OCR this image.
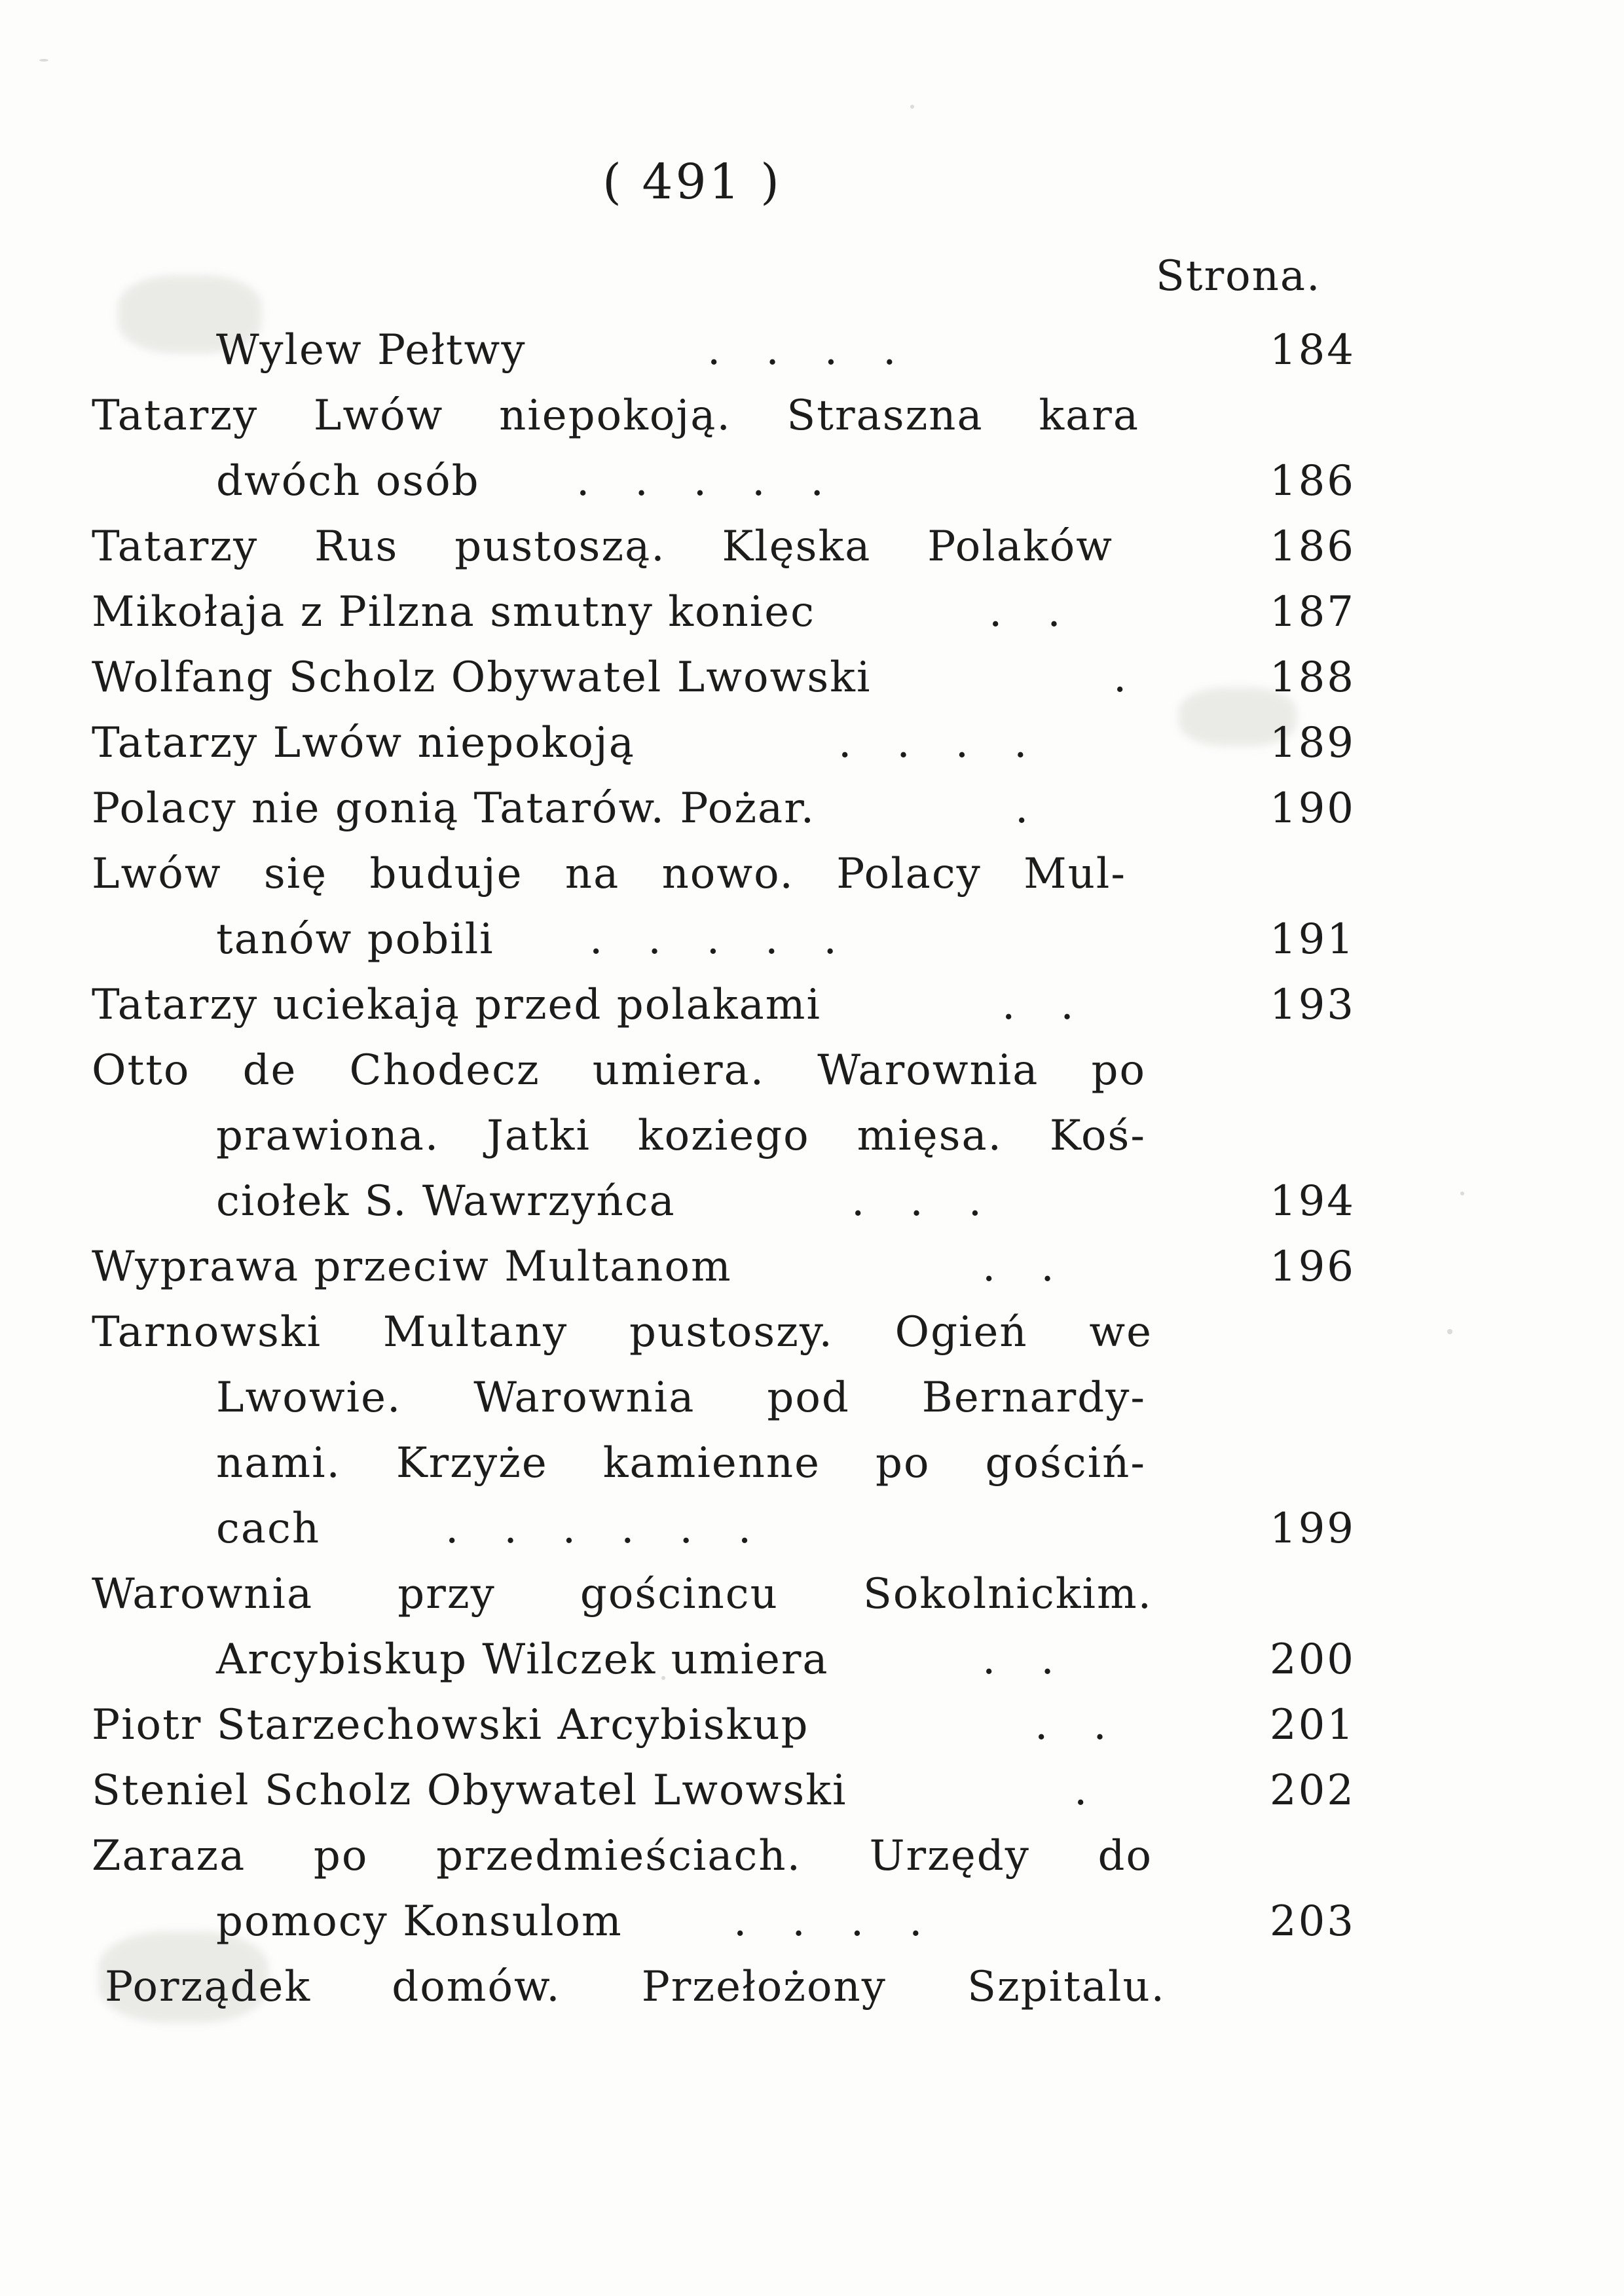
( 491 )
Strona.
Wylew Pełtwy	.   .   .   .	184
Tatarzy Lwów niepokoją. Straszna kara
dwóch osób .   .   .   .   .	186
Tatarzy Rus pustoszą. Klęska Polaków	186
Mikołaja z Pilzna smutny koniec	.   .	187
Wolfang Scholz Obywatel Lwowski	.	188
Tatarzy Lwów niepokoją	.   .   .   .	189
Polacy nie gonią Tatarów. Pożar.	.	190
Lwów się buduje na nowo. Polacy Mul-
tanów pobili .   .   .   .   .	191
Tatarzy uciekają przed polakami	.   .	193
Otto de Chodecz umiera. Warownia po
prawiona. Jatki koziego mięsa. Koś-
ciołek S. Wawrzyńca	.   .   .	194
Wyprawa przeciw Multanom	.   .	196
Tarnowski Multany pustoszy. Ogień we
Lwowie. Warownia pod Bernardy-
nami. Krzyże kamienne po gościń-
cach	.   .   .   .   .   .	199
Warownia przy gościncu Sokolnickim.
Arcybiskup Wilczek umiera	.   .	200
Piotr Starzechowski Arcybiskup	.   .	201
Steniel Scholz Obywatel Lwowski	.	202
Zaraza po przedmieściach. Urzędy do
pomocy Konsulom	.   .   .   .	203
Porządek domów. Przełożony Szpitalu.
